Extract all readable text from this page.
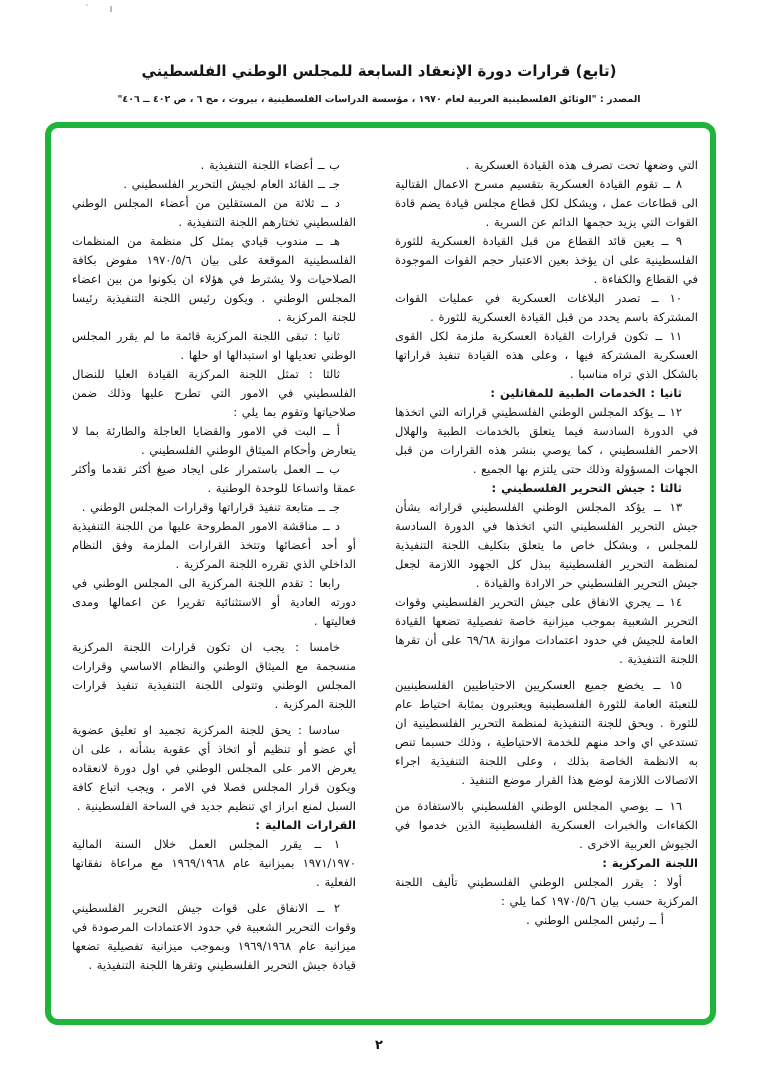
(تابع) قرارات دورة الإنعقاد السابعة للمجلس الوطني الفلسطيني

المصدر : "الوثائق الفلسطينية العربية لعام ١٩٧٠ ، مؤسسة الدراسات الفلسطينية ، بيروت ، مج ٦ ، ص ٤٠٢ ــ ٤٠٦"

التي وضعها تحت تصرف هذه القيادة العسكرية .

٨ ــ تقوم القيادة العسكرية بتقسيم مسرح الاعمال القتالية الى قطاعات عمل ، ويشكل لكل قطاع مجلس قيادة يضم قادة القوات التي يزيد حجمها الدائم عن السرية .

٩ ــ يعين قائد القطاع من قبل القيادة العسكرية للثورة الفلسطينية على ان يؤخذ بعين الاعتبار حجم القوات الموجودة في القطاع والكفاءة .

١٠ ــ تصدر البلاغات العسكرية في عمليات القوات المشتركة باسم يحدد من قبل القيادة العسكرية للثورة .

١١ ــ تكون قرارات القيادة العسكرية ملزمة لكل القوى العسكرية المشتركة فيها ، وعلى هذه القيادة تنفيذ قراراتها بالشكل الذي تراه مناسبا .

ثانيا : الخدمات الطبية للمقاتلين :

١٢ ــ يؤكد المجلس الوطني الفلسطيني قراراته التي اتخذها في الدورة السادسة فيما يتعلق بالخدمات الطبية والهلال الاحمر الفلسطيني ، كما يوصي بنشر هذه القرارات من قبل الجهات المسؤولة وذلك حتى يلتزم بها الجميع .

ثالثا : جيش التحرير الفلسطيني :

١٣ ــ يؤكد المجلس الوطني الفلسطيني قراراته بشأن جيش التحرير الفلسطيني التي اتخذها في الدورة السادسة للمجلس ، وبشكل خاص ما يتعلق بتكليف اللجنة التنفيذية لمنظمة التحرير الفلسطينية ببذل كل الجهود اللازمة لجعل جيش التحرير الفلسطيني حر الارادة والقيادة .

١٤ ــ يجري الانفاق على جيش التحرير الفلسطيني وقوات التحرير الشعبية بموجب ميزانية خاصة تفصيلية تضعها القيادة العامة للجيش في حدود اعتمادات موازنة ٦٩/٦٨ على أن تقرها اللجنة التنفيذية .

١٥ ــ يخضع جميع العسكريين الاحتياطيين الفلسطينيين للتعبئة العامة للثورة الفلسطينية ويعتبرون بمثابة احتياط عام للثورة . ويحق للجنة التنفيذية لمنظمة التحرير الفلسطينية ان تستدعي اي واحد منهم للخدمة الاحتياطية ، وذلك حسبما تنص به الانظمة الخاصة بذلك ، وعلى اللجنة التنفيذية اجراء الاتصالات اللازمة لوضع هذا القرار موضع التنفيذ .

١٦ ــ يوصي المجلس الوطني الفلسطيني بالاستفادة من الكفاءات والخبرات العسكرية الفلسطينية الذين خدموا في الجيوش العربية الاخرى .

اللجنة المركزية :

أولا : يقرر المجلس الوطني الفلسطيني تأليف اللجنة المركزية حسب بيان ١٩٧٠/٥/٦ كما يلي :

أ ــ رئيس المجلس الوطني .

ب ــ أعضاء اللجنة التنفيذية .

جـ ــ القائد العام لجيش التحرير الفلسطيني .

د ــ ثلاثة من المستقلين من أعضاء المجلس الوطني الفلسطيني تختارهم اللجنة التنفيذية .

هـ ــ مندوب قيادي يمثل كل منظمة من المنظمات الفلسطينية الموقعة على بيان ١٩٧٠/٥/٦ مفوض بكافة الصلاحيات ولا يشترط في هؤلاء ان يكونوا من بين اعضاء المجلس الوطني . ويكون رئيس اللجنة التنفيذية رئيسا للجنة المركزية .

ثانيا : تبقى اللجنة المركزية قائمة ما لم يقرر المجلس الوطني تعديلها او استبدالها او حلها .

ثالثا : تمثل اللجنة المركزية القيادة العليا للنضال الفلسطيني في الامور التي تطرح عليها وذلك ضمن صلاحياتها وتقوم بما يلي :

أ ــ البت في الامور والقضايا العاجلة والطارئة بما لا يتعارض وأحكام الميثاق الوطني الفلسطيني .

ب ــ العمل باستمرار على ايجاد صيغ أكثر تقدما وأكثر عمقا واتساعا للوحدة الوطنية .

جـ ــ متابعة تنفيذ قراراتها وقرارات المجلس الوطني .

د ــ مناقشة الامور المطروحة عليها من اللجنة التنفيذية أو أحد أعضائها وتتخذ القرارات الملزمة وفق النظام الداخلي الذي تقرره اللجنة المركزية .

رابعا : تقدم اللجنة المركزية الى المجلس الوطني في دورته العادية أو الاستثنائية تقريرا عن اعمالها ومدى فعاليتها .

خامسا : يجب ان تكون قرارات اللجنة المركزية منسجمة مع الميثاق الوطني والنظام الاساسي وقرارات المجلس الوطني وتتولى اللجنة التنفيذية تنفيذ قرارات اللجنة المركزية .

سادسا : يحق للجنة المركزية تجميد او تعليق عضوية أي عضو أو تنظيم أو اتخاذ أي عقوبة بشأنه ، على ان يعرض الامر على المجلس الوطني في اول دورة لانعقاده ويكون قرار المجلس فصلا في الامر ، ويجب اتباع كافة السبل لمنع ابراز اي تنظيم جديد في الساحة الفلسطينية .

القرارات المالية :

١ ــ يقرر المجلس العمل خلال السنة المالية ١٩٧١/١٩٧٠ بميزانية عام ١٩٦٩/١٩٦٨ مع مراعاة نفقاتها الفعلية .

٢ ــ الانفاق على قوات جيش التحرير الفلسطيني وقوات التحرير الشعبية في حدود الاعتمادات المرصودة في ميزانية عام ١٩٦٩/١٩٦٨ وبموجب ميزانية تفصيلية تضعها قيادة جيش التحرير الفلسطيني وتقرها اللجنة التنفيذية .

٢
